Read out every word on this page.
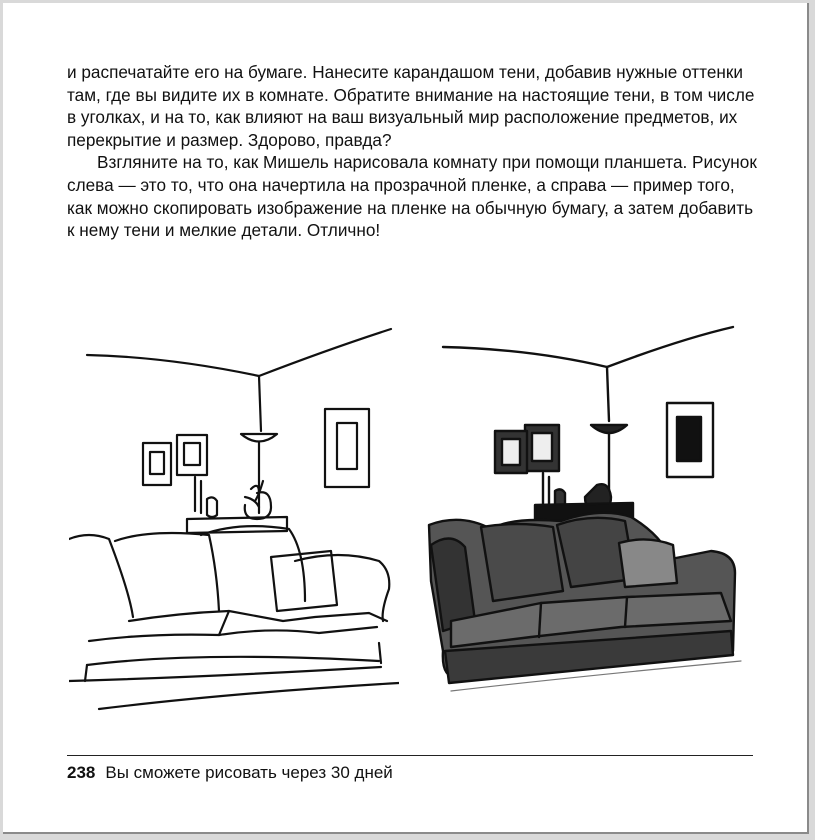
и распечатайте его на бумаге. Нанесите карандашом тени, добавив нужные оттенки там, где вы видите их в комнате. Обратите внимание на настоящие тени, в том числе в уголках, и на то, как влияют на ваш визуальный мир расположение предметов, их перекрытие и размер. Здорово, правда?

Взгляните на то, как Мишель нарисовала комнату при помощи планшета. Рисунок слева — это то, что она начертила на прозрачной пленке, а справа — пример того, как можно скопировать изображение на пленке на обычную бумагу, а затем добавить к нему тени и мелкие детали. Отлично!

238 Вы сможете рисовать через 30 дней
